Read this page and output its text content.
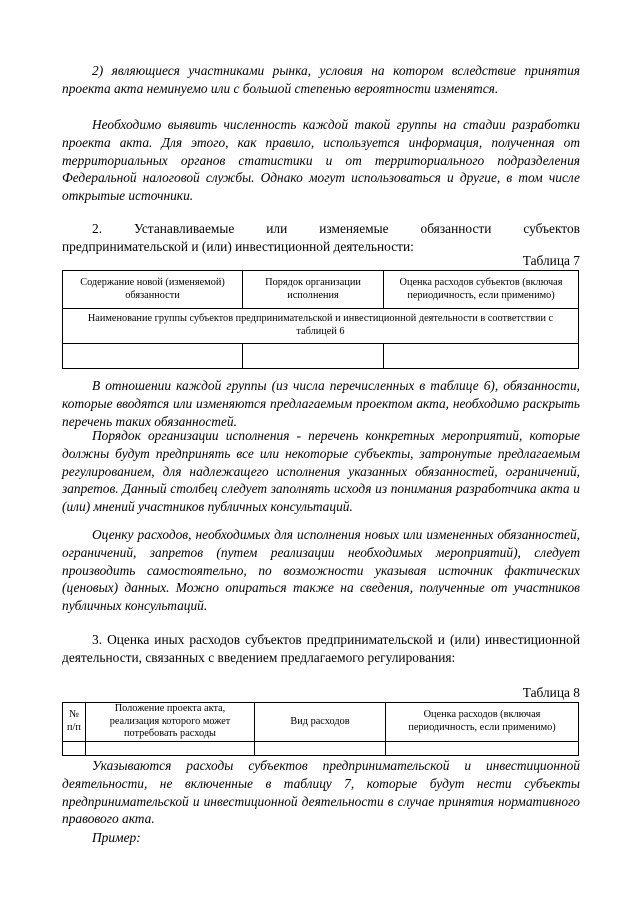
2) являющиеся участниками рынка, условия на котором вследствие принятия проекта акта неминуемо или с большой степенью вероятности изменятся.
Необходимо выявить численность каждой такой группы на стадии разработки проекта акта. Для этого, как правило, используется информация, полученная от территориальных органов статистики и от территориального подразделения Федеральной налоговой службы. Однако могут использоваться и другие, в том числе открытые источники.
2. Устанавливаемые или изменяемые обязанности субъектов
предпринимательской и (или) инвестиционной деятельности:
Таблица 7
Содержание новой (изменяемой) обязанности	Порядок организации исполнения	Оценка расходов субъектов (включая периодичность, если применимо)
Наименование группы субъектов предпринимательской и инвестиционной деятельности в соответствии с таблицей 6		

В отношении каждой группы (из числа перечисленных в таблице 6), обязанности, которые вводятся или изменяются предлагаемым проектом акта, необходимо раскрыть перечень таких обязанностей.
Порядок организации исполнения - перечень конкретных мероприятий, которые должны будут предпринять все или некоторые субъекты, затронутые предлагаемым регулированием, для надлежащего исполнения указанных обязанностей, ограничений, запретов. Данный столбец следует заполнять исходя из понимания разработчика акта и (или) мнений участников публичных консультаций.
Оценку расходов, необходимых для исполнения новых или измененных обязанностей, ограничений, запретов (путем реализации необходимых мероприятий), следует производить самостоятельно, по возможности указывая источник фактических (ценовых) данных. Можно опираться также на сведения, полученные от участников публичных консультаций.
3. Оценка иных расходов субъектов предпринимательской и (или) инвестиционной деятельности, связанных с введением предлагаемого регулирования:
Таблица 8
№ п/п	Положение проекта акта, реализация которого может потребовать расходы	Вид расходов	Оценка расходов (включая периодичность, если применимо)

Указываются расходы субъектов предпринимательской и инвестиционной деятельности, не включенные в таблицу 7, которые будут нести субъекты предпринимательской и инвестиционной деятельности в случае принятия нормативного правового акта.
Пример:
